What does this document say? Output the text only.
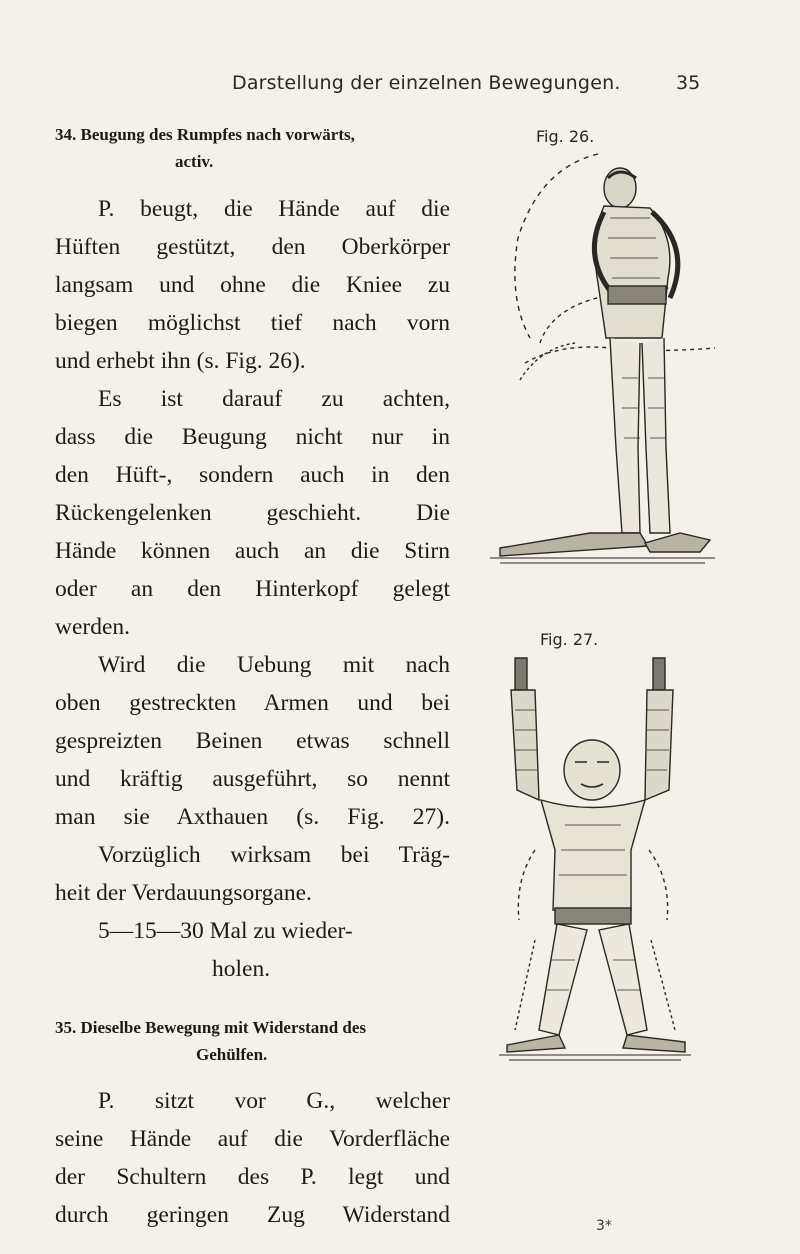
Darstellung der einzelnen Bewegungen.	35
34. Beugung des Rumpfes nach vorwärts,
activ.
P. beugt, die Hände auf die
Hüften gestützt, den Oberkörper
langsam und ohne die Kniee zu
biegen möglichst tief nach vorn
und erhebt ihn (s. Fig. 26).
Es ist darauf zu achten,
dass die Beugung nicht nur in
den Hüft-, sondern auch in den
Rückengelenken geschieht. Die
Hände können auch an die Stirn
oder an den Hinterkopf gelegt
werden.
Wird die Uebung mit nach
oben gestreckten Armen und bei
gespreizten Beinen etwas schnell
und kräftig ausgeführt, so nennt
man sie Axthauen (s. Fig. 27).
Vorzüglich wirksam bei Träg-
heit der Verdauungsorgane.
5—15—30 Mal zu wieder-
holen.
35. Dieselbe Bewegung mit Widerstand des
Gehülfen.
P. sitzt vor G., welcher
seine Hände auf die Vorderfläche
der Schultern des P. legt und
durch geringen Zug Widerstand
Fig. 26.
Fig. 27.
3*
